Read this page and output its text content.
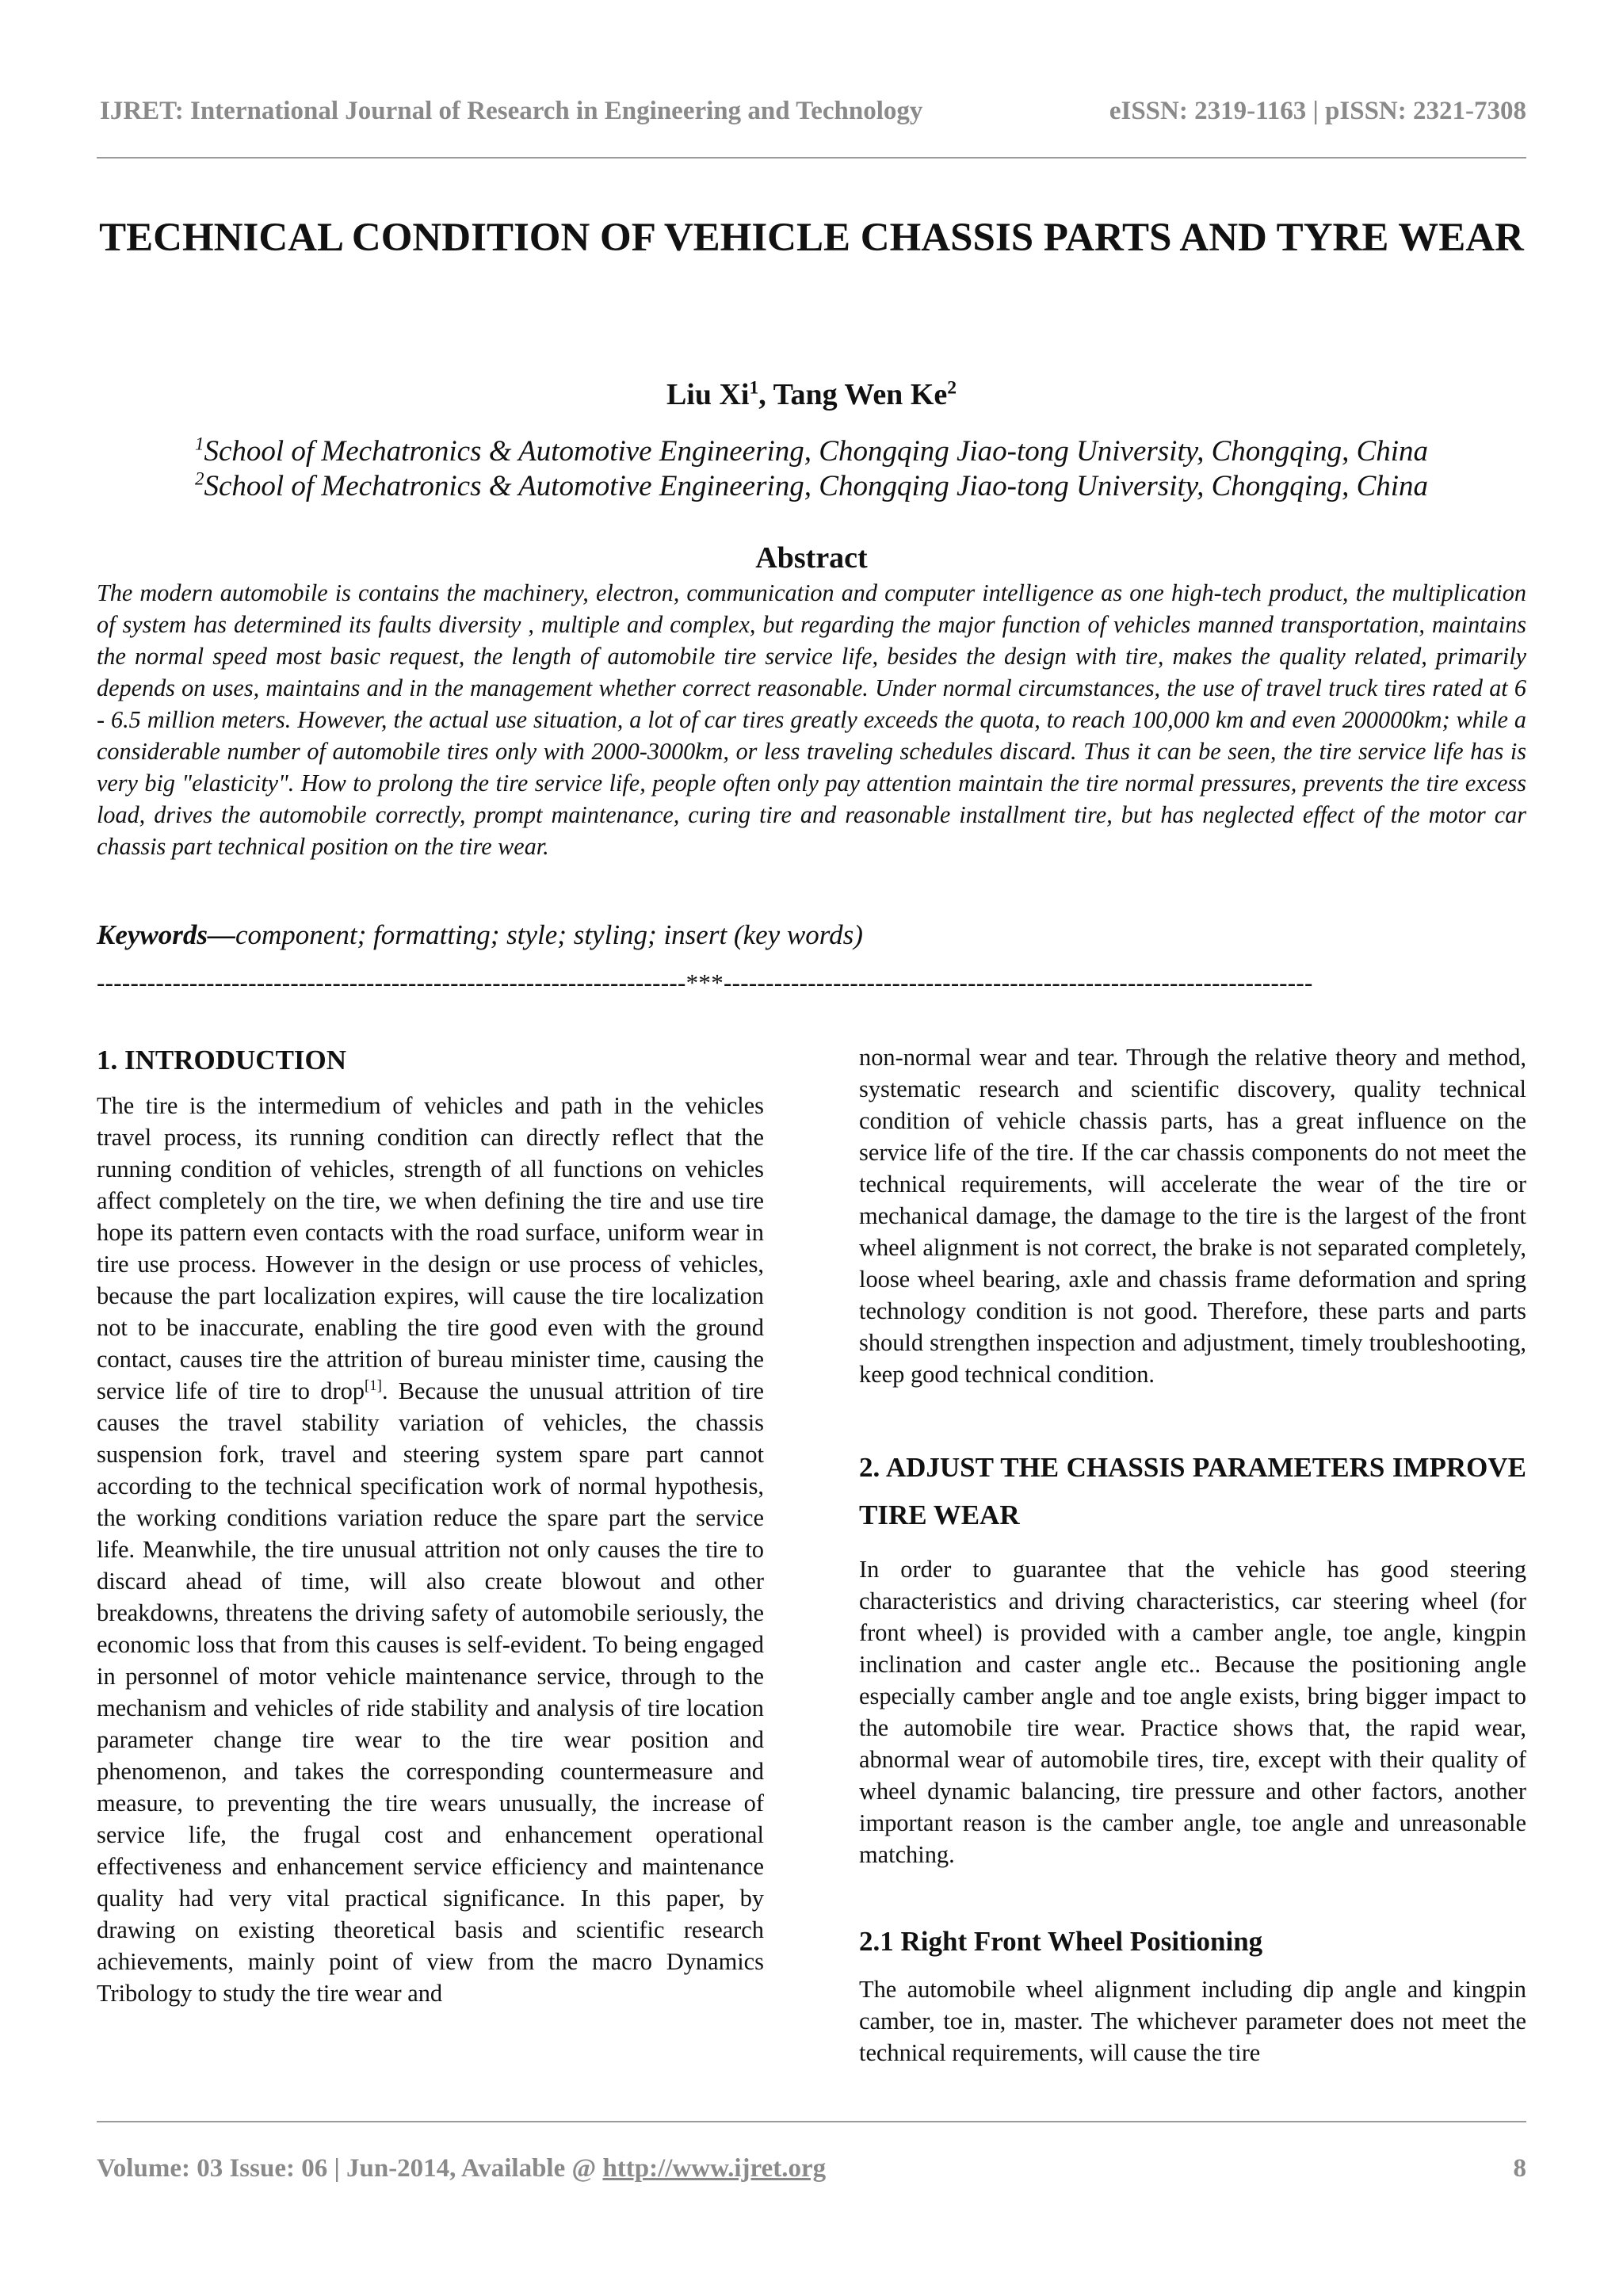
IJRET: International Journal of Research in Engineering and Technology	eISSN: 2319-1163 | pISSN: 2321-7308
TECHNICAL CONDITION OF VEHICLE CHASSIS PARTS AND TYRE WEAR
Liu Xi$^1$, Tang Wen Ke$^2$
$^1$School of Mechatronics & Automotive Engineering, Chongqing Jiao-tong University, Chongqing, China
$^2$School of Mechatronics & Automotive Engineering, Chongqing Jiao-tong University, Chongqing, China
Abstract
The modern automobile is contains the machinery, electron, communication and computer intelligence as one high-tech product, the multiplication of system has determined its faults diversity , multiple and complex, but regarding the major function of vehicles manned transportation, maintains the normal speed most basic request, the length of automobile tire service life, besides the design with tire, makes the quality related, primarily depends on uses, maintains and in the management whether correct reasonable. Under normal circumstances, the use of travel truck tires rated at 6 - 6.5 million meters. However, the actual use situation, a lot of car tires greatly exceeds the quota, to reach 100,000 km and even 200000km; while a considerable number of automobile tires only with 2000-3000km, or less traveling schedules discard. Thus it can be seen, the tire service life has is very big "elasticity". How to prolong the tire service life, people often only pay attention maintain the tire normal pressures, prevents the tire excess load, drives the automobile correctly, prompt maintenance, curing tire and reasonable installment tire, but has neglected effect of the motor car chassis part technical position on the tire wear.
Keywords—component; formatting; style; styling; insert (key words)
----------------------------------------------------------------------***----------------------------------------------------------------------
1. INTRODUCTION
The tire is the intermedium of vehicles and path in the vehicles travel process, its running condition can directly reflect that the running condition of vehicles, strength of all functions on vehicles affect completely on the tire, we when defining the tire and use tire hope its pattern even contacts with the road surface, uniform wear in tire use process. However in the design or use process of vehicles, because the part localization expires, will cause the tire localization not to be inaccurate, enabling the tire good even with the ground contact, causes tire the attrition of bureau minister time, causing the service life of tire to drop[1]. Because the unusual attrition of tire causes the travel stability variation of vehicles, the chassis suspension fork, travel and steering system spare part cannot according to the technical specification work of normal hypothesis, the working conditions variation reduce the spare part the service life. Meanwhile, the tire unusual attrition not only causes the tire to discard ahead of time, will also create blowout and other breakdowns, threatens the driving safety of automobile seriously, the economic loss that from this causes is self-evident. To being engaged in personnel of motor vehicle maintenance service, through to the mechanism and vehicles of ride stability and analysis of tire location parameter change tire wear to the tire wear position and phenomenon, and takes the corresponding countermeasure and measure, to preventing the tire wears unusually, the increase of service life, the frugal cost and enhancement operational effectiveness and enhancement service efficiency and maintenance quality had very vital practical significance. In this paper, by drawing on existing theoretical basis and scientific research achievements, mainly point of view from the macro Dynamics Tribology to study the tire wear and
non-normal wear and tear. Through the relative theory and method, systematic research and scientific discovery, quality technical condition of vehicle chassis parts, has a great influence on the service life of the tire. If the car chassis components do not meet the technical requirements, will accelerate the wear of the tire or mechanical damage, the damage to the tire is the largest of the front wheel alignment is not correct, the brake is not separated completely, loose wheel bearing, axle and chassis frame deformation and spring technology condition is not good. Therefore, these parts and parts should strengthen inspection and adjustment, timely troubleshooting, keep good technical condition.
2. ADJUST THE CHASSIS PARAMETERS IMPROVE TIRE WEAR
In order to guarantee that the vehicle has good steering characteristics and driving characteristics, car steering wheel (for front wheel) is provided with a camber angle, toe angle, kingpin inclination and caster angle etc.. Because the positioning angle especially camber angle and toe angle exists, bring bigger impact to the automobile tire wear. Practice shows that, the rapid wear, abnormal wear of automobile tires, tire, except with their quality of wheel dynamic balancing, tire pressure and other factors, another important reason is the camber angle, toe angle and unreasonable matching.
2.1 Right Front Wheel Positioning
The automobile wheel alignment including dip angle and kingpin camber, toe in, master. The whichever parameter does not meet the technical requirements, will cause the tire
Volume: 03 Issue: 06 | Jun-2014, Available @ http://www.ijret.org	8
